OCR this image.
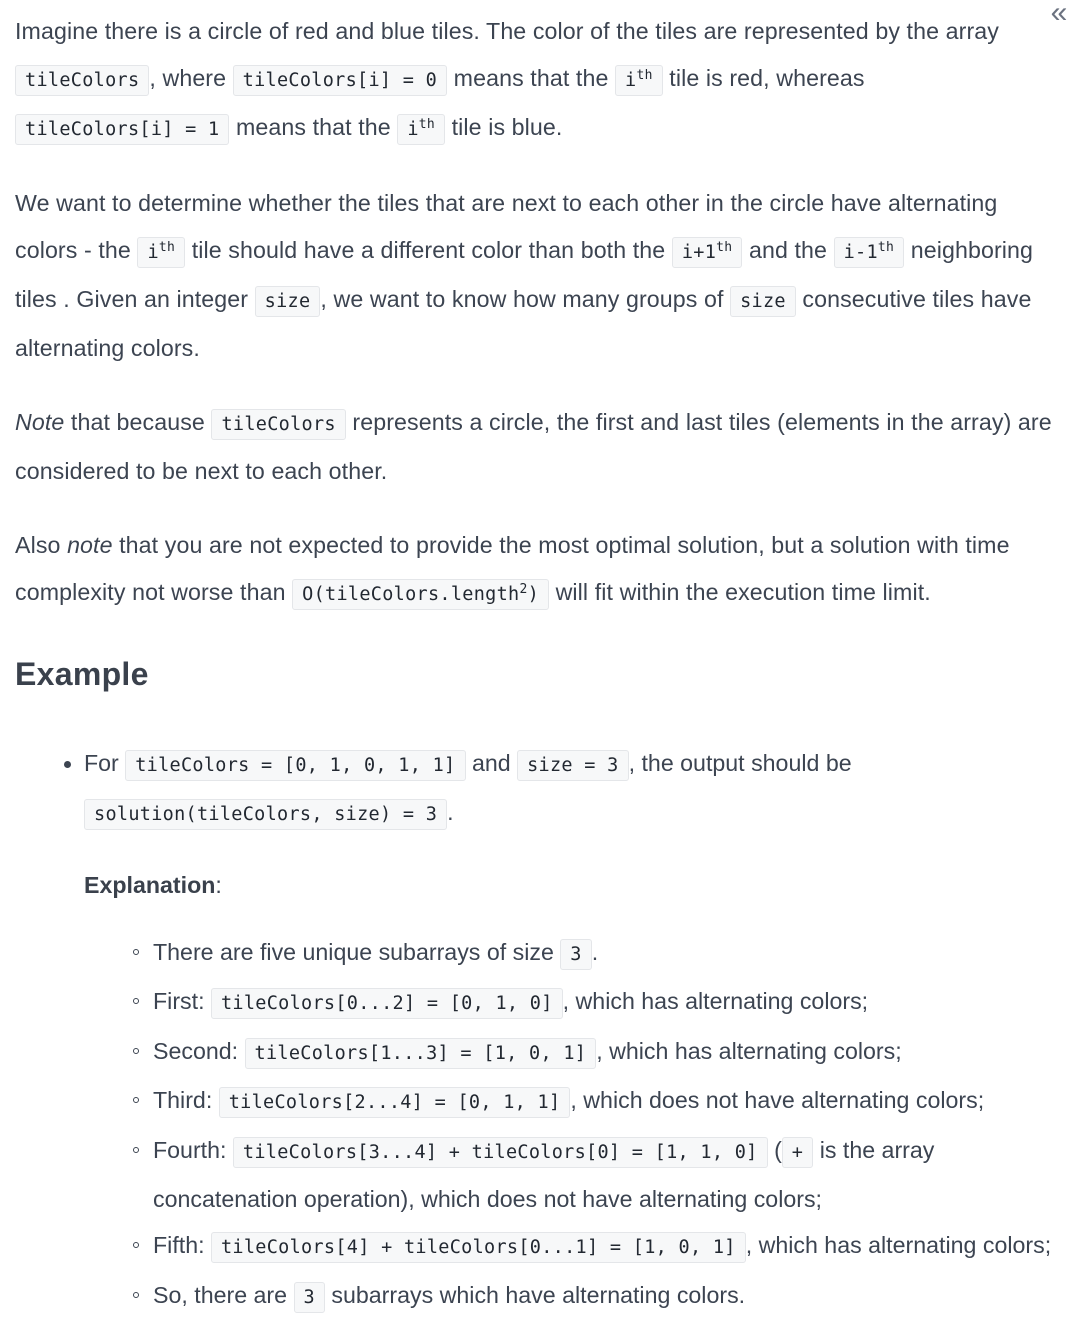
«

Imagine there is a circle of red and blue tiles. The color of the tiles are represented by the array tileColors , where tileColors[i] = 0 means that the $i^{th}$ tile is red, whereas tileColors[i] = 1 means that the $i^{th}$ tile is blue.

We want to determine whether the tiles that are next to each other in the circle have alternating colors - the $i^{th}$ tile should have a different color than both the i+1th and the i-1th neighboring tiles . Given an integer size , we want to know how many groups of size consecutive tiles have alternating colors.

Note that because tileColors represents a circle, the first and last tiles (elements in the array) are considered to be next to each other.

Also note that you are not expected to provide the most optimal solution, but a solution with time complexity not worse than O(tileColors.length$^2$) will fit within the execution time limit.

Example
For tileColors = [0, 1, 0, 1, 1] and size = 3 , the output should be solution(tileColors, size) = 3 .
Explanation:
There are five unique subarrays of size 3 .
First: tileColors[0...2] = [0, 1, 0] , which has alternating colors;
Second: tileColors[1...3] = [1, 0, 1] , which has alternating colors;
Third: tileColors[2...4] = [0, 1, 1] , which does not have alternating colors;
Fourth: tileColors[3...4] + tileColors[0] = [1, 1, 0] ( + is the array concatenation operation), which does not have alternating colors;
Fifth: tileColors[4] + tileColors[0...1] = [1, 0, 1] , which has alternating colors;
So, there are 3 subarrays which have alternating colors.
